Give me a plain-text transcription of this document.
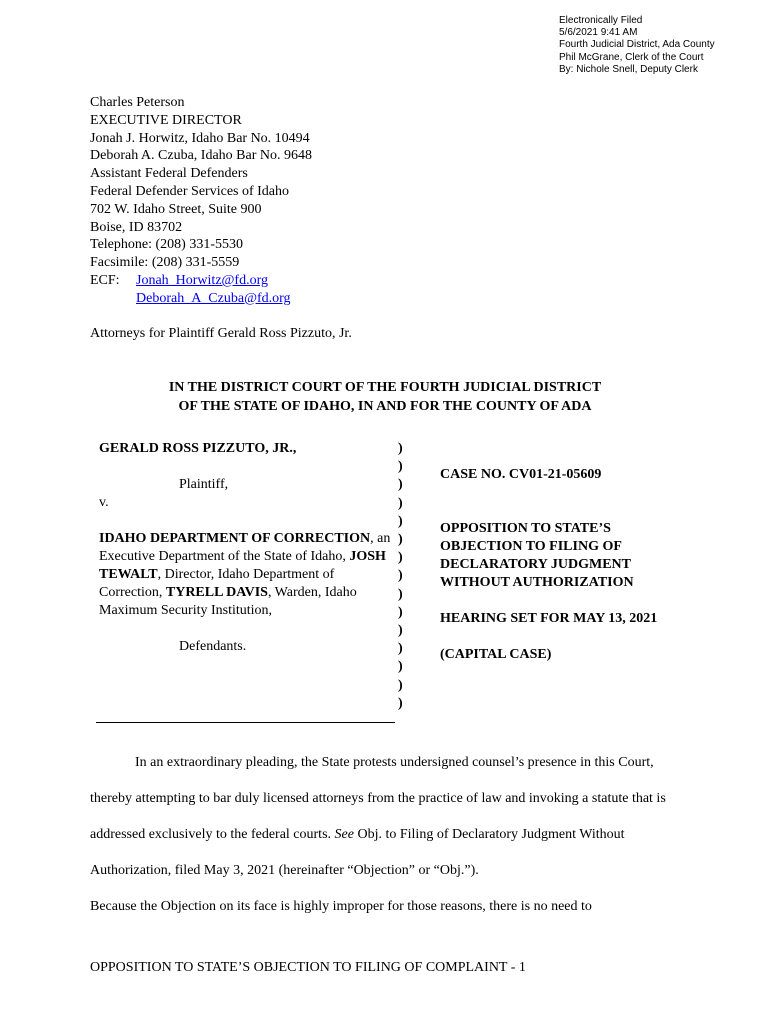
Electronically Filed
5/6/2021 9:41 AM
Fourth Judicial District, Ada County
Phil McGrane, Clerk of the Court
By: Nichole Snell, Deputy Clerk
Charles Peterson
EXECUTIVE DIRECTOR
Jonah J. Horwitz, Idaho Bar No. 10494
Deborah A. Czuba, Idaho Bar No. 9648
Assistant Federal Defenders
Federal Defender Services of Idaho
702 W. Idaho Street, Suite 900
Boise, ID 83702
Telephone: (208) 331-5530
Facsimile: (208) 331-5559
ECF:	Jonah_Horwitz@fd.org
Deborah_A_Czuba@fd.org
Attorneys for Plaintiff Gerald Ross Pizzuto, Jr.
IN THE DISTRICT COURT OF THE FOURTH JUDICIAL DISTRICT
OF THE STATE OF IDAHO, IN AND FOR THE COUNTY OF ADA
GERALD ROSS PIZZUTO, JR.,
Plaintiff,
v.
IDAHO DEPARTMENT OF CORRECTION, an Executive Department of the State of Idaho, JOSH TEWALT, Director, Idaho Department of Correction, TYRELL DAVIS, Warden, Idaho Maximum Security Institution,
Defendants.
)
)
)
)
)
)
)
)
)
)
)
)
)
)
)
CASE NO. CV01-21-05609
OPPOSITION TO STATE’S
OBJECTION TO FILING OF
DECLARATORY JUDGMENT
WITHOUT AUTHORIZATION
HEARING SET FOR MAY 13, 2021
(CAPITAL CASE)

In an extraordinary pleading, the State protests undersigned counsel’s presence in this Court, thereby attempting to bar duly licensed attorneys from the practice of law and invoking a statute that is addressed exclusively to the federal courts. See Obj. to Filing of Declaratory Judgment Without Authorization, filed May 3, 2021 (hereinafter “Objection” or “Obj.”).

Because the Objection on its face is highly improper for those reasons, there is no need to

OPPOSITION TO STATE’S OBJECTION TO FILING OF COMPLAINT - 1
